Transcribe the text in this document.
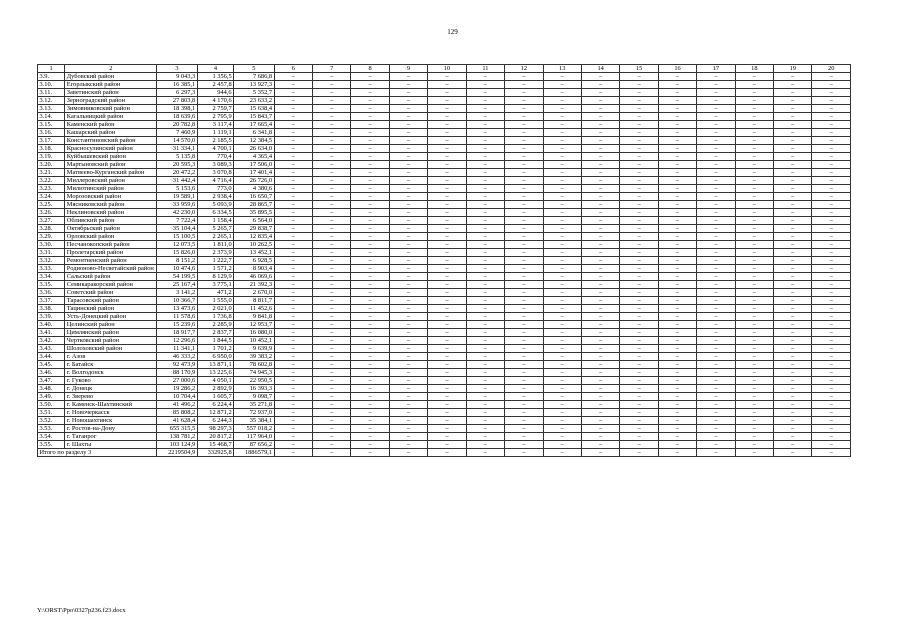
129
1	2	3	4	5	6	7	8	9	10	11	12	13	14	15	16	17	18	19	20
3.9.	Дубовский район	9 043,3	1 356,5	7 686,8	–	–	–	–	–	–	–	–	–	–	–	–	–	–	–
3.10.	Егорлыкский район	16 385,1	2 457,8	13 927,3	–	–	–	–	–	–	–	–	–	–	–	–	–	–	–
3.11.	Заветинский район	6 297,3	944,6	5 352,7	–	–	–	–	–	–	–	–	–	–	–	–	–	–	–
3.12.	Зерноградский район	27 803,8	4 170,6	23 633,2	–	–	–	–	–	–	–	–	–	–	–	–	–	–	–
3.13.	Зимовниковский район	18 398,1	2 759,7	15 638,4	–	–	–	–	–	–	–	–	–	–	–	–	–	–	–
3.14.	Кагальницкий район	18 639,6	2 795,9	15 843,7	–	–	–	–	–	–	–	–	–	–	–	–	–	–	–
3.15.	Каменский район	20 782,8	3 117,4	17 665,4	–	–	–	–	–	–	–	–	–	–	–	–	–	–	–
3.16.	Кашарский район	7 460,9	1 119,1	6 341,8	–	–	–	–	–	–	–	–	–	–	–	–	–	–	–
3.17.	Константиновский район	14 570,0	2 185,5	12 384,5	–	–	–	–	–	–	–	–	–	–	–	–	–	–	–
3.18.	Красносулинский район	31 334,1	4 700,1	26 634,0	–	–	–	–	–	–	–	–	–	–	–	–	–	–	–
3.19.	Куйбышевский район	5 135,8	770,4	4 365,4	–	–	–	–	–	–	–	–	–	–	–	–	–	–	–
3.20.	Мартыновский район	20 595,3	3 089,3	17 506,0	–	–	–	–	–	–	–	–	–	–	–	–	–	–	–
3.21.	Матвеево-Курганский район	20 472,2	3 070,8	17 401,4	–	–	–	–	–	–	–	–	–	–	–	–	–	–	–
3.22.	Миллеровский район	31 442,4	4 716,4	26 726,0	–	–	–	–	–	–	–	–	–	–	–	–	–	–	–
3.23.	Милютинский район	5 153,6	773,0	4 380,6	–	–	–	–	–	–	–	–	–	–	–	–	–	–	–
3.24.	Морозовский район	19 589,1	2 938,4	16 650,7	–	–	–	–	–	–	–	–	–	–	–	–	–	–	–
3.25.	Мясниковский район	33 959,6	5 093,9	28 865,7	–	–	–	–	–	–	–	–	–	–	–	–	–	–	–
3.26.	Неклиновский район	42 230,0	6 334,5	35 895,5	–	–	–	–	–	–	–	–	–	–	–	–	–	–	–
3.27.	Обливский район	7 722,4	1 158,4	6 564,0	–	–	–	–	–	–	–	–	–	–	–	–	–	–	–
3.28.	Октябрьский район	35 104,4	5 265,7	29 838,7	–	–	–	–	–	–	–	–	–	–	–	–	–	–	–
3.29.	Орловский район	15 100,5	2 265,1	12 835,4	–	–	–	–	–	–	–	–	–	–	–	–	–	–	–
3.30.	Песчанокопский район	12 073,5	1 811,0	10 262,5	–	–	–	–	–	–	–	–	–	–	–	–	–	–	–
3.31.	Пролетарский район	15 826,0	2 373,9	13 452,1	–	–	–	–	–	–	–	–	–	–	–	–	–	–	–
3.32.	Ремонтненский район	8 151,2	1 222,7	6 928,5	–	–	–	–	–	–	–	–	–	–	–	–	–	–	–
3.33.	Родионово-Несветайский район	10 474,6	1 571,2	8 903,4	–	–	–	–	–	–	–	–	–	–	–	–	–	–	–
3.34.	Сальский район	54 199,5	8 129,9	46 069,6	–	–	–	–	–	–	–	–	–	–	–	–	–	–	–
3.35.	Семикаракорский район	25 167,4	3 775,1	21 392,3	–	–	–	–	–	–	–	–	–	–	–	–	–	–	–
3.36.	Советский район	3 141,2	471,2	2 670,0	–	–	–	–	–	–	–	–	–	–	–	–	–	–	–
3.37.	Тарасовский район	10 366,7	1 555,0	8 811,7	–	–	–	–	–	–	–	–	–	–	–	–	–	–	–
3.38.	Тацинский район	13 473,6	2 021,0	11 452,6	–	–	–	–	–	–	–	–	–	–	–	–	–	–	–
3.39.	Усть-Донецкий район	11 578,6	1 736,8	9 841,8	–	–	–	–	–	–	–	–	–	–	–	–	–	–	–
3.40.	Целинский район	15 239,6	2 285,9	12 953,7	–	–	–	–	–	–	–	–	–	–	–	–	–	–	–
3.41.	Цимлянский район	18 917,7	2 837,7	16 080,0	–	–	–	–	–	–	–	–	–	–	–	–	–	–	–
3.42.	Чертковский район	12 296,6	1 844,5	10 452,1	–	–	–	–	–	–	–	–	–	–	–	–	–	–	–
3.43.	Шолоховский район	11 341,1	1 701,2	9 639,9	–	–	–	–	–	–	–	–	–	–	–	–	–	–	–
3.44.	г. Азов	46 333,2	6 950,0	39 383,2	–	–	–	–	–	–	–	–	–	–	–	–	–	–	–
3.45.	г. Батайск	92 473,9	13 871,1	78 602,8	–	–	–	–	–	–	–	–	–	–	–	–	–	–	–
3.46.	г. Волгодонск	88 170,9	13 225,6	74 945,3	–	–	–	–	–	–	–	–	–	–	–	–	–	–	–
3.47.	г. Гуково	27 000,6	4 050,1	22 950,5	–	–	–	–	–	–	–	–	–	–	–	–	–	–	–
3.48.	г. Донецк	19 286,2	2 892,9	16 393,3	–	–	–	–	–	–	–	–	–	–	–	–	–	–	–
3.49.	г. Зверево	10 704,4	1 605,7	9 098,7	–	–	–	–	–	–	–	–	–	–	–	–	–	–	–
3.50.	г. Каменск-Шахтинский	41 496,2	6 224,4	35 271,8	–	–	–	–	–	–	–	–	–	–	–	–	–	–	–
3.51.	г. Новочеркасск	85 808,2	12 871,2	72 937,0	–	–	–	–	–	–	–	–	–	–	–	–	–	–	–
3.52.	г. Новошахтинск	41 628,4	6 244,3	35 384,1	–	–	–	–	–	–	–	–	–	–	–	–	–	–	–
3.53.	г. Ростов-на-Дону	655 315,5	98 297,3	557 018,2	–	–	–	–	–	–	–	–	–	–	–	–	–	–	–
3.54.	г. Таганрог	138 781,2	20 817,2	117 964,0	–	–	–	–	–	–	–	–	–	–	–	–	–	–	–
3.55.	г. Шахты	103 124,9	15 468,7	87 656,2	–	–	–	–	–	–	–	–	–	–	–	–	–	–	–
Итого по разделу 3		2219504,9	332925,8	1886579,1	–	–	–	–	–	–	–	–	–	–	–	–	–	–	–
Y:\ORST\Ppo\0327p236.f23.docx
